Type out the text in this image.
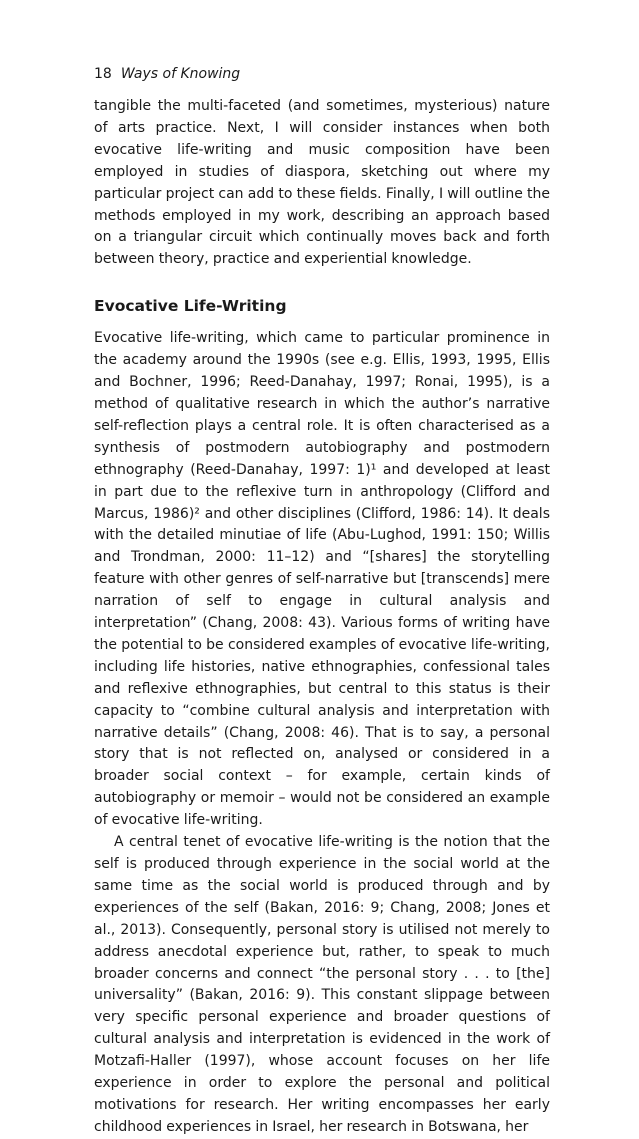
18 Ways of Knowing

tangible the multi-faceted (and sometimes, mysterious) nature of arts practice. Next, I will consider instances when both evocative life-writing and music composition have been employed in studies of diaspora, sketching out where my particular project can add to these fields. Finally, I will outline the methods employed in my work, describing an approach based on a triangular circuit which continually moves back and forth between theory, practice and experiential knowledge.

Evocative Life-Writing

Evocative life-writing, which came to particular prominence in the academy around the 1990s (see e.g. Ellis, 1993, 1995, Ellis and Bochner, 1996; Reed-Danahay, 1997; Ronai, 1995), is a method of qualitative research in which the author’s narrative self-reflection plays a central role. It is often characterised as a synthesis of postmodern autobiography and postmodern ethnography (Reed-Danahay, 1997: 1)¹ and developed at least in part due to the reflexive turn in anthropology (Clifford and Marcus, 1986)² and other disciplines (Clifford, 1986: 14). It deals with the detailed minutiae of life (Abu-Lughod, 1991: 150; Willis and Trondman, 2000: 11–12) and “[shares] the storytelling feature with other genres of self-narrative but [transcends] mere narration of self to engage in cultural analysis and interpretation” (Chang, 2008: 43). Various forms of writing have the potential to be considered examples of evocative life-writing, including life histories, native ethnographies, confessional tales and reflexive ethnographies, but central to this status is their capacity to “combine cultural analysis and interpretation with narrative details” (Chang, 2008: 46). That is to say, a personal story that is not reflected on, analysed or considered in a broader social context – for example, certain kinds of autobiography or memoir – would not be considered an example of evocative life-writing.

A central tenet of evocative life-writing is the notion that the self is produced through experience in the social world at the same time as the social world is produced through and by experiences of the self (Bakan, 2016: 9; Chang, 2008; Jones et al., 2013). Consequently, personal story is utilised not merely to address anecdotal experience but, rather, to speak to much broader concerns and connect “the personal story . . . to [the] universality” (Bakan, 2016: 9). This constant slippage between very specific personal experience and broader questions of cultural analysis and interpretation is evidenced in the work of Motzafi-Haller (1997), whose account focuses on her life experience in order to explore the personal and political motivations for research. Her writing encompasses her early childhood experiences in Israel, her research in Botswana, her
